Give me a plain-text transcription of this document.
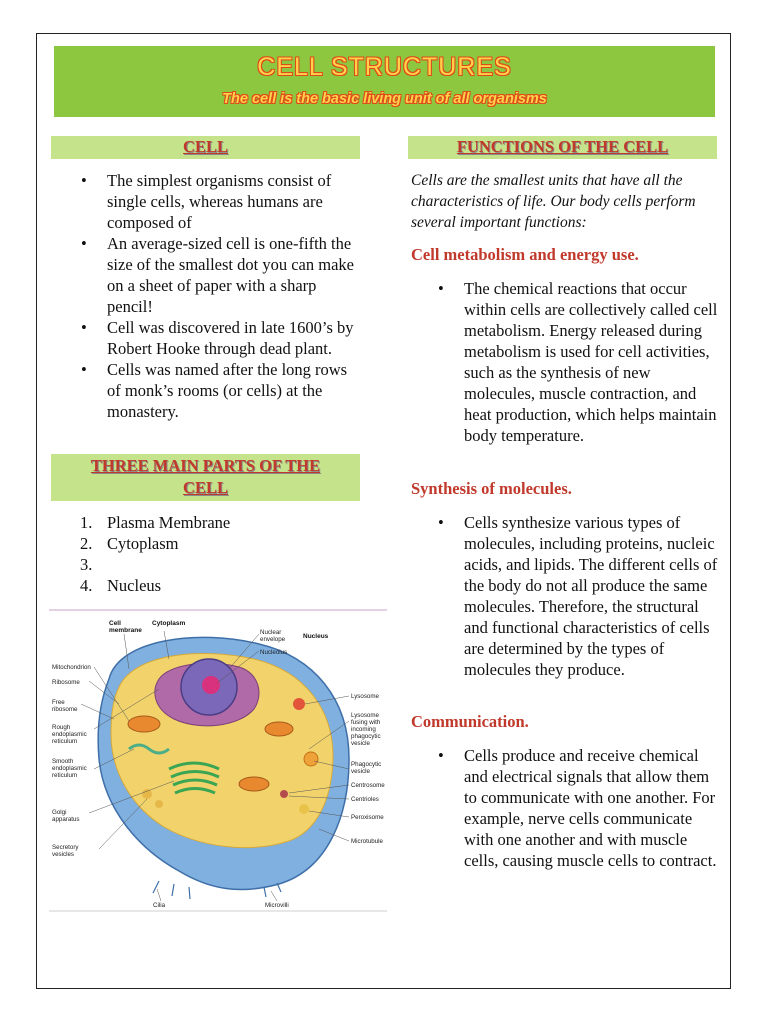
CELL STRUCTURES
The cell is the basic living unit of all organisms
CELL
• The simplest organisms consist of single cells, whereas humans are composed of
• An average-sized cell is one-fifth the size of the smallest dot you can make on a sheet of paper with a sharp pencil!
• Cell was discovered in late 1600’s by Robert Hooke through dead plant.
• Cells was named after the long rows of monk’s rooms (or cells) at the monastery.
THREE MAIN PARTS OF THE
CELL
1. Plasma Membrane
2. Cytoplasm
3.
4. Nucleus
Cell
membrane
Cytoplasm
Nuclear
envelope	Nucleus
Nucleolus
Mitochondrion
Ribosome
Free
ribosome
Rough
endoplasmic
reticulum
Smooth
endoplasmic
reticulum
Golgi
apparatus
Secretory
vesicles
Cilia	Microvilli
Lysosome
Lysosome
fusing with
incoming
phagocytic
vesicle
Phagocytic
vesicle
Centrosome
Centrioles
Peroxisome
Microtubule
FUNCTIONS OF THE CELL
Cells are the smallest units that have all the characteristics of life. Our body cells perform several important functions:
Cell metabolism and energy use.
• The chemical reactions that occur within cells are collectively called cell metabolism. Energy released during metabolism is used for cell activities, such as the synthesis of new molecules, muscle contraction, and heat production, which helps maintain body temperature.
Synthesis of molecules.
• Cells synthesize various types of molecules, including proteins, nucleic acids, and lipids. The different cells of the body do not all produce the same molecules. Therefore, the structural and functional characteristics of cells are determined by the types of molecules they produce.
Communication.
• Cells produce and receive chemical and electrical signals that allow them to communicate with one another. For example, nerve cells communicate with one another and with muscle cells, causing muscle cells to contract.
